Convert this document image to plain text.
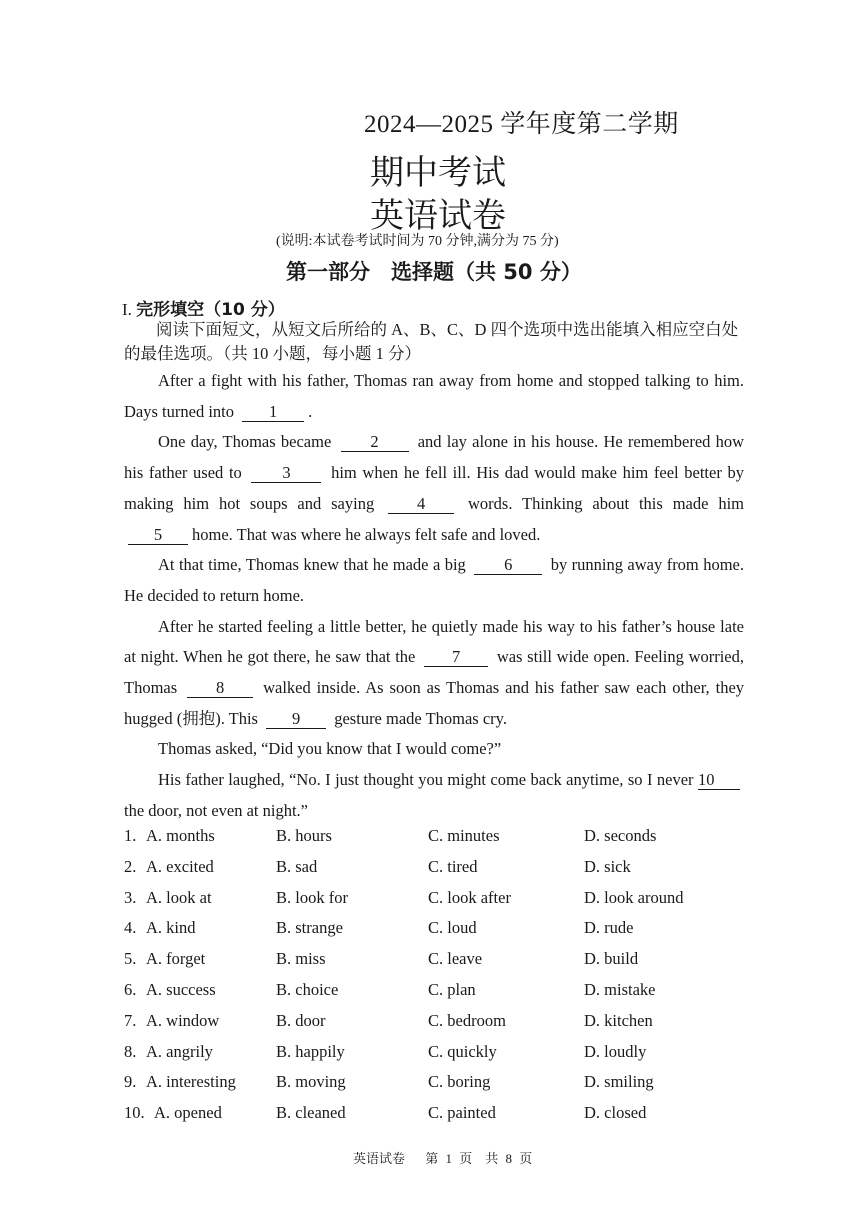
2024—2025 学年度第二学期
期中考试
英语试卷
(说明:本试卷考试时间为 70 分钟,满分为 75 分)
第一部分　选择题（共 50 分）
I. 完形填空（10 分）
阅读下面短文，从短文后所给的 A、B、C、D 四个选项中选出能填入相应空白处的最佳选项。（共 10 小题，每小题 1 分）

After a fight with his father, Thomas ran away from home and stopped talking to him. Days turned into 1 .

One day, Thomas became 2 and lay alone in his house. He remembered how his father used to 3 him when he fell ill. His dad would make him feel better by making him hot soups and saying	4	words. Thinking about this made him 5 home. That was where he always felt safe and loved.

At that time, Thomas knew that he made a big 6 by running away from home. He decided to return home.

After he started feeling a little better, he quietly made his way to his father’s house late at night. When he got there, he saw that the 7 was still wide open. Feeling worried, Thomas 8 walked inside. As soon as Thomas and his father saw each other, they hugged (拥抱). This 9 gesture made Thomas cry.

Thomas asked, “Did you know that I would come?”

His father laughed, “No. I just thought you might come back anytime, so I never 10 the door, not even at night.”

1. A. months	B. hours	C. minutes	D. seconds
2. A. excited	B. sad	C. tired	D. sick
3. A. look at	B. look for	C. look after	D. look around
4. A. kind	B. strange	C. loud	D. rude
5. A. forget	B. miss	C. leave	D. build
6. A. success	B. choice	C. plan	D. mistake
7. A. window	B. door	C. bedroom	D. kitchen
8. A. angrily	B. happily	C. quickly	D. loudly
9. A. interesting B. moving	C. boring	D. smiling
10. A. opened	B. cleaned	C. painted	D. closed
英语试卷　 第 1 页　共 8 页
